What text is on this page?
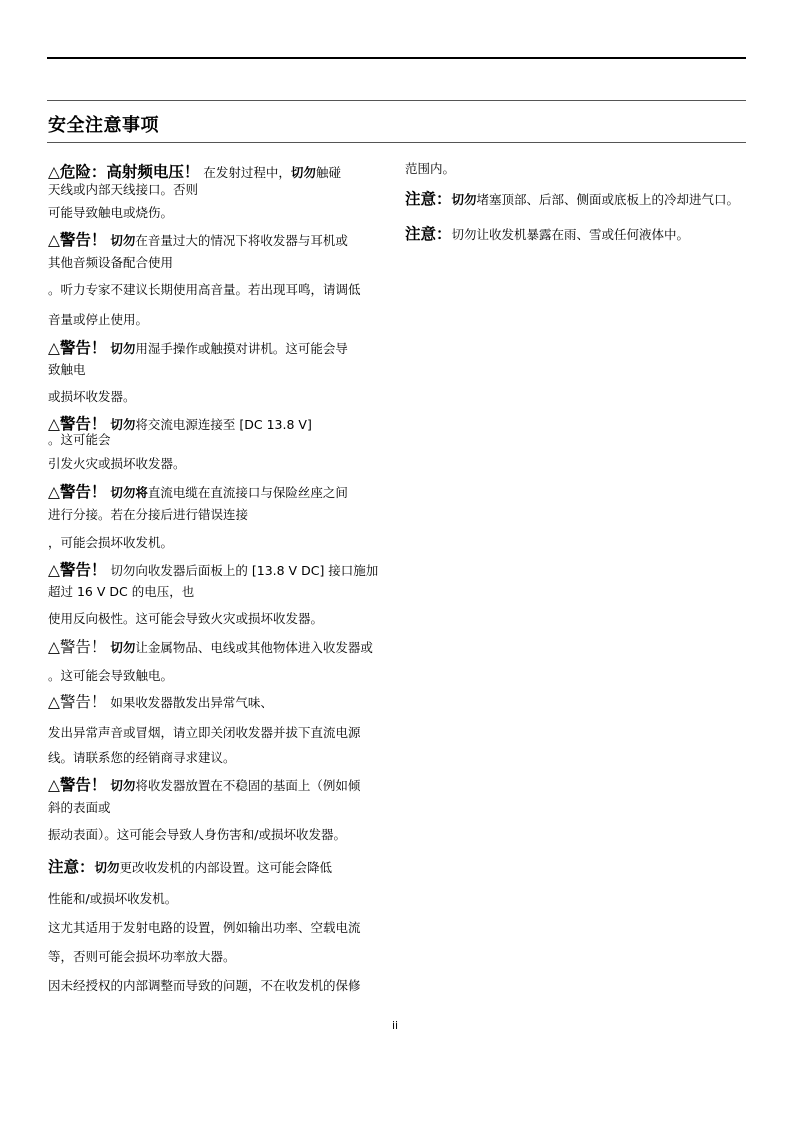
安全注意事项
△危险：高射频电压！ 在发射过程中，切勿触碰
天线或内部天线接口。否则
可能导致触电或烧伤。
△警告！ 切勿在音量过大的情况下将收发器与耳机或
其他音频设备配合使用
。听力专家不建议长期使用高音量。若出现耳鸣，请调低
音量或停止使用。
△警告！ 切勿用湿手操作或触摸对讲机。这可能会导
致触电
或损坏收发器。
△警告！ 切勿将交流电源连接至 [DC 13.8 V]
。这可能会
引发火灾或损坏收发器。
△警告！ 切勿将直流电缆在直流接口与保险丝座之间
进行分接。若在分接后进行错误连接
，可能会损坏收发机。
△警告！ 切勿向收发器后面板上的 [13.8 V DC] 接口施加
超过 16 V DC 的电压，也
使用反向极性。这可能会导致火灾或损坏收发器。
△警告！ 切勿让金属物品、电线或其他物体进入收发器或
。这可能会导致触电。
△警告！ 如果收发器散发出异常气味、
发出异常声音或冒烟，请立即关闭收发器并拔下直流电源
线。请联系您的经销商寻求建议。
△警告！ 切勿将收发器放置在不稳固的基面上（例如倾
斜的表面或
振动表面）。这可能会导致人身伤害和/或损坏收发器。
注意：切勿更改收发机的内部设置。这可能会降低
性能和/或损坏收发机。
这尤其适用于发射电路的设置，例如输出功率、空载电流
等，否则可能会损坏功率放大器。
因未经授权的内部调整而导致的问题，不在收发机的保修
范围内。
注意：切勿堵塞顶部、后部、侧面或底板上的冷却进气口。
注意：切勿让收发机暴露在雨、雪或任何液体中。
ii
